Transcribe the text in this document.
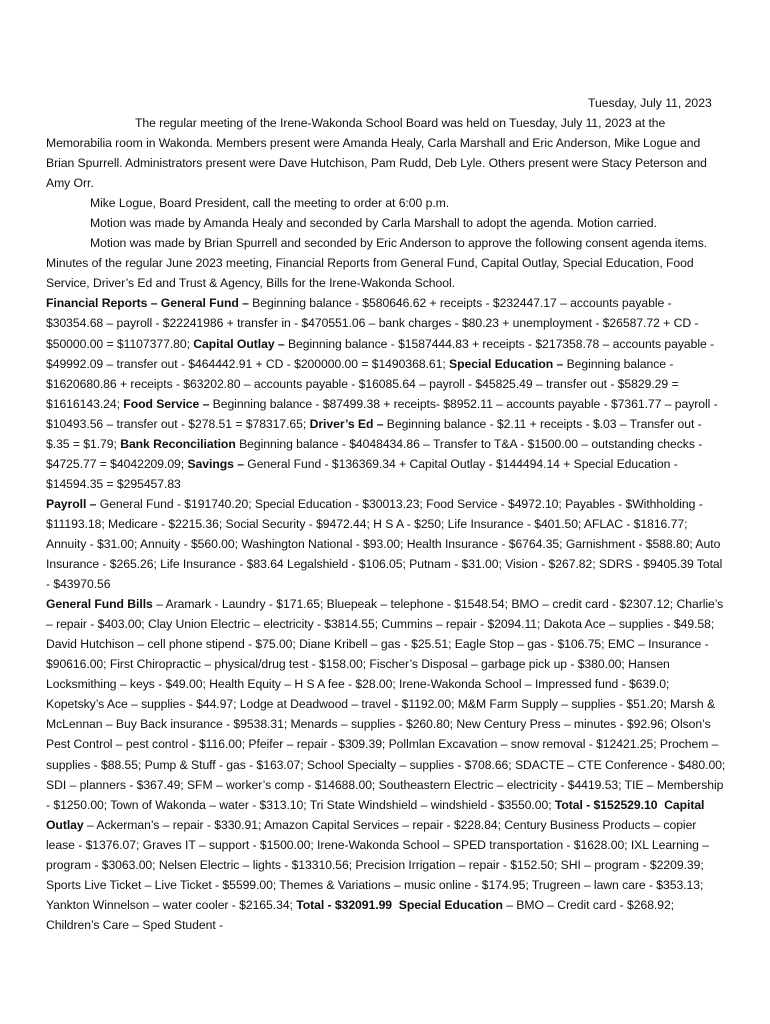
Tuesday, July 11, 2023

The regular meeting of the Irene-Wakonda School Board was held on Tuesday, July 11, 2023 at the Memorabilia room in Wakonda. Members present were Amanda Healy, Carla Marshall and Eric Anderson, Mike Logue and Brian Spurrell. Administrators present were Dave Hutchison, Pam Rudd, Deb Lyle. Others present were Stacy Peterson and Amy Orr.

Mike Logue, Board President, call the meeting to order at 6:00 p.m.

Motion was made by Amanda Healy and seconded by Carla Marshall to adopt the agenda. Motion carried.

Motion was made by Brian Spurrell and seconded by Eric Anderson to approve the following consent agenda items. Minutes of the regular June 2023 meeting, Financial Reports from General Fund, Capital Outlay, Special Education, Food Service, Driver’s Ed and Trust & Agency, Bills for the Irene-Wakonda School.

Financial Reports – General Fund – Beginning balance - $580646.62 + receipts - $232447.17 – accounts payable - $30354.68 – payroll - $22241986 + transfer in - $470551.06 – bank charges - $80.23 + unemployment - $26587.72 + CD - $50000.00 = $1107377.80; Capital Outlay – Beginning balance - $1587444.83 + receipts - $217358.78 – accounts payable - $49992.09 – transfer out - $464442.91 + CD - $200000.00 = $1490368.61; Special Education – Beginning balance - $1620680.86 + receipts - $63202.80 – accounts payable - $16085.64 – payroll - $45825.49 – transfer out - $5829.29 = $1616143.24; Food Service – Beginning balance - $87499.38 + receipts- $8952.11 – accounts payable - $7361.77 – payroll - $10493.56 – transfer out - $278.51 = $78317.65; Driver’s Ed – Beginning balance - $2.11 + receipts - $.03 – Transfer out - $.35 = $1.79; Bank Reconciliation Beginning balance - $4048434.86 – Transfer to T&A - $1500.00 – outstanding checks - $4725.77 = $4042209.09; Savings – General Fund - $136369.34 + Capital Outlay - $144494.14 + Special Education - $14594.35 = $295457.83

Payroll – General Fund - $191740.20; Special Education - $30013.23; Food Service - $4972.10; Payables - $Withholding - $11193.18; Medicare - $2215.36; Social Security - $9472.44; H S A - $250; Life Insurance - $401.50; AFLAC - $1816.77; Annuity - $31.00; Annuity - $560.00; Washington National - $93.00; Health Insurance - $6764.35; Garnishment - $588.80; Auto Insurance - $265.26; Life Insurance - $83.64 Legalshield - $106.05; Putnam - $31.00; Vision - $267.82; SDRS - $9405.39 Total - $43970.56

General Fund Bills – Aramark - Laundry - $171.65; Bluepeak – telephone - $1548.54; BMO – credit card - $2307.12; Charlie’s – repair - $403.00; Clay Union Electric – electricity - $3814.55; Cummins – repair - $2094.11; Dakota Ace – supplies - $49.58; David Hutchison – cell phone stipend - $75.00; Diane Kribell – gas - $25.51; Eagle Stop – gas - $106.75; EMC – Insurance - $90616.00; First Chiropractic – physical/drug test - $158.00; Fischer’s Disposal – garbage pick up - $380.00; Hansen Locksmithing – keys - $49.00; Health Equity – H S A fee - $28.00; Irene-Wakonda School – Impressed fund - $639.0; Kopetsky’s Ace – supplies - $44.97; Lodge at Deadwood – travel - $1192.00; M&M Farm Supply – supplies - $51.20; Marsh & McLennan – Buy Back insurance - $9538.31; Menards – supplies - $260.80; New Century Press – minutes - $92.96; Olson’s Pest Control – pest control - $116.00; Pfeifer – repair - $309.39; Pollmlan Excavation – snow removal - $12421.25; Prochem – supplies - $88.55; Pump & Stuff - gas - $163.07; School Specialty – supplies - $708.66; SDACTE – CTE Conference - $480.00; SDI – planners - $367.49; SFM – worker’s comp - $14688.00; Southeastern Electric – electricity - $4419.53; TIE – Membership - $1250.00; Town of Wakonda – water - $313.10; Tri State Windshield – windshield - $3550.00; Total - $152529.10 Capital Outlay – Ackerman’s – repair - $330.91; Amazon Capital Services – repair - $228.84; Century Business Products – copier lease - $1376.07; Graves IT – support - $1500.00; Irene-Wakonda School – SPED transportation - $1628.00; IXL Learning – program - $3063.00; Nelsen Electric – lights - $13310.56; Precision Irrigation – repair - $152.50; SHI – program - $2209.39; Sports Live Ticket – Live Ticket - $5599.00; Themes & Variations – music online - $174.95; Trugreen – lawn care - $353.13; Yankton Winnelson – water cooler - $2165.34; Total - $32091.99 Special Education – BMO – Credit card - $268.92; Children’s Care – Sped Student -
